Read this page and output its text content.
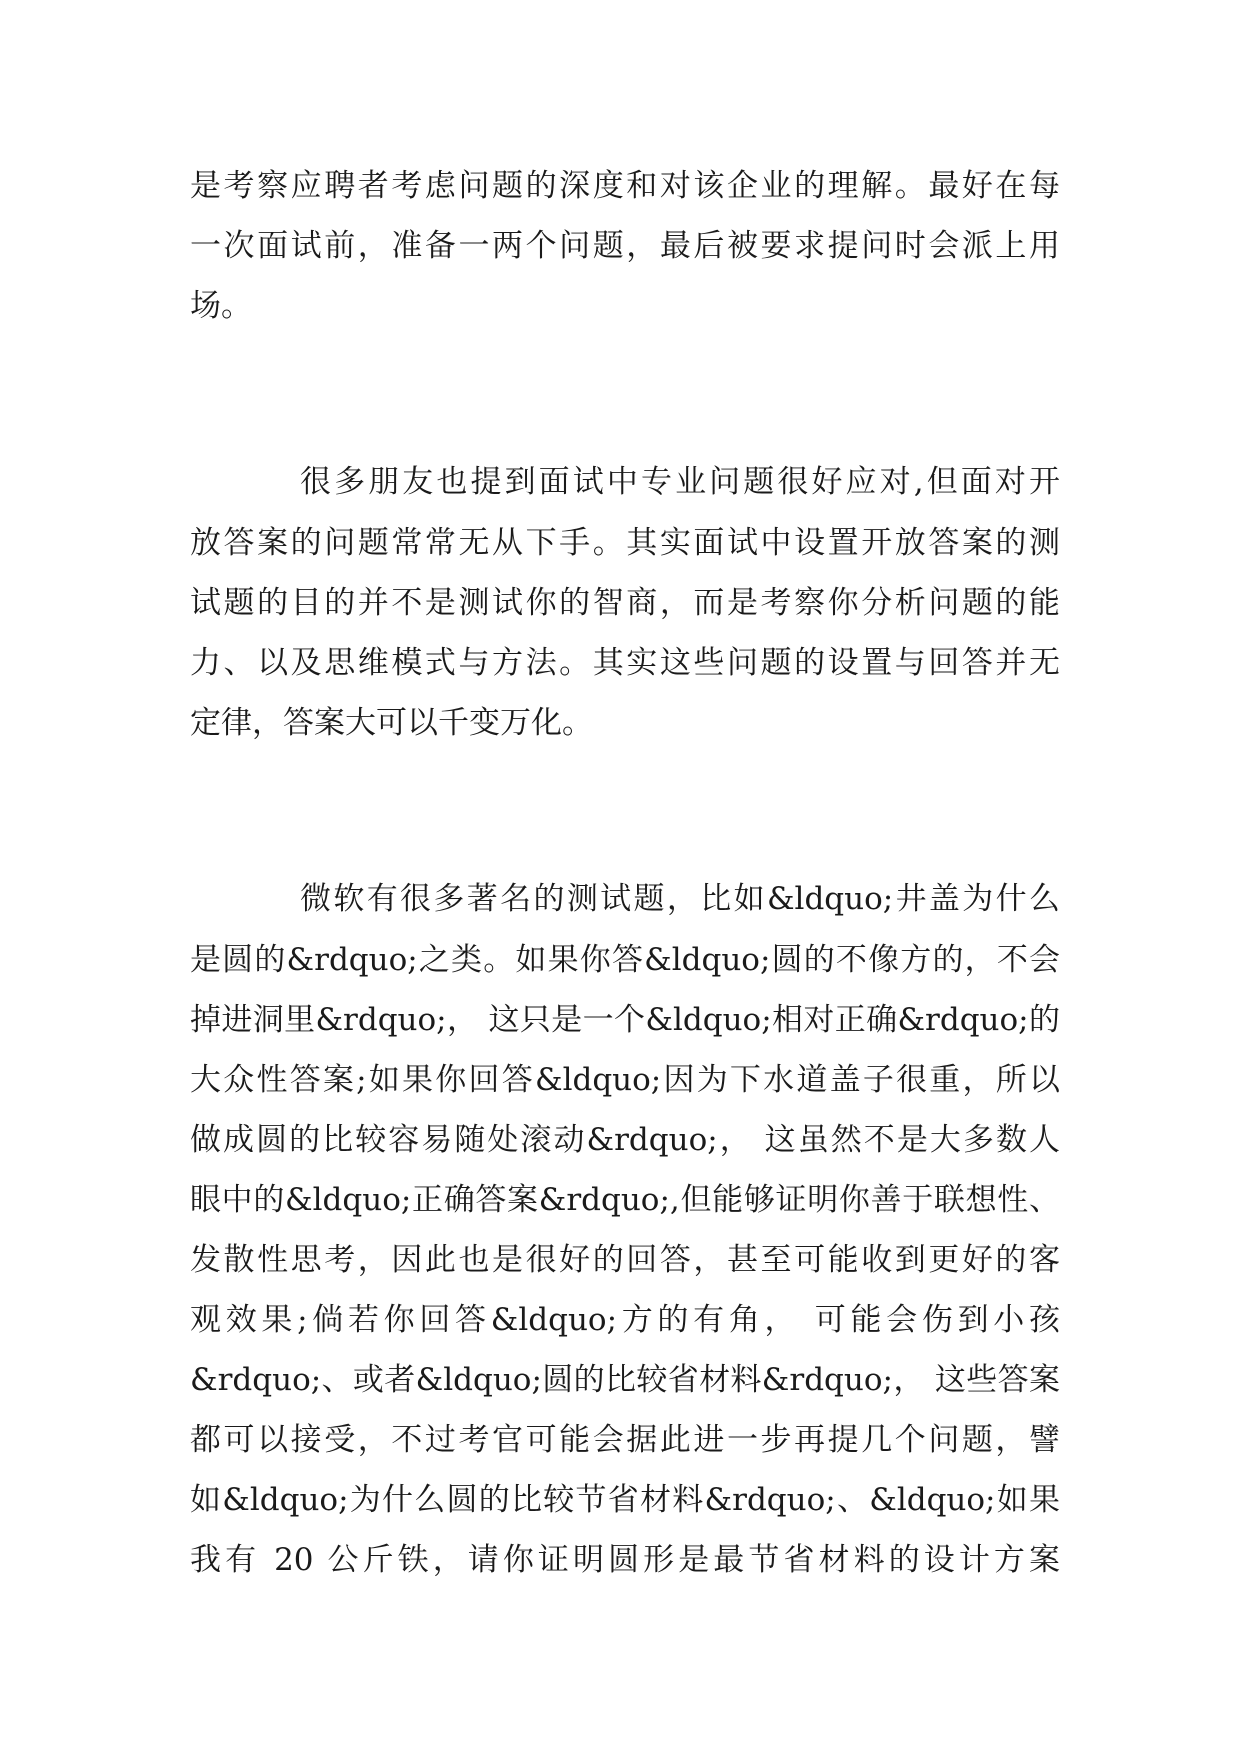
是考察应聘者考虑问题的深度和对该企业的理解。最好在每
一次面试前，准备一两个问题，最后被要求提问时会派上用
场。
很多朋友也提到面试中专业问题很好应对,但面对开
放答案的问题常常无从下手。其实面试中设置开放答案的测
试题的目的并不是测试你的智商，而是考察你分析问题的能
力、以及思维模式与方法。其实这些问题的设置与回答并无
定律，答案大可以千变万化。
微软有很多著名的测试题，比如&ldquo;井盖为什么
是圆的&rdquo;之类。如果你答&ldquo;圆的不像方的，不会
掉进洞里&rdquo;， 这只是一个&ldquo;相对正确&rdquo;的
大众性答案;如果你回答&ldquo;因为下水道盖子很重，所以
做成圆的比较容易随处滚动&rdquo;， 这虽然不是大多数人
眼中的&ldquo;正确答案&rdquo;,但能够证明你善于联想性、
发散性思考，因此也是很好的回答，甚至可能收到更好的客
观效果;倘若你回答&ldquo;方的有角， 可能会伤到小孩
&rdquo;、或者&ldquo;圆的比较省材料&rdquo;， 这些答案
都可以接受，不过考官可能会据此进一步再提几个问题，譬
如&ldquo;为什么圆的比较节省材料&rdquo;、&ldquo;如果
我有 20 公斤铁，请你证明圆形是最节省材料的设计方案
